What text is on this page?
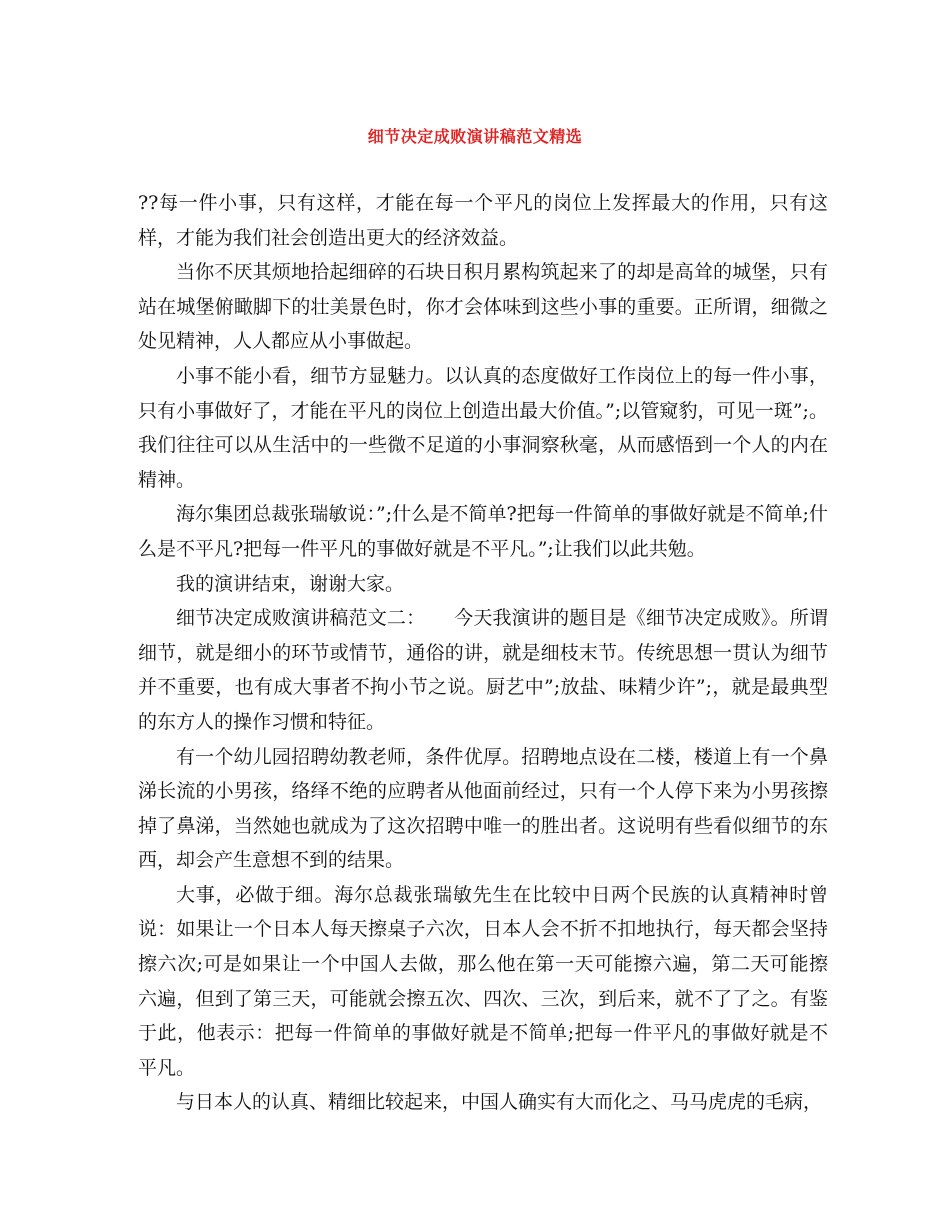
细节决定成败演讲稿范文精选

??每一件小事，只有这样，才能在每一个平凡的岗位上发挥最大的作用，只有这样，才能为我们社会创造出更大的经济效益。

当你不厌其烦地拾起细碎的石块日积月累构筑起来了的却是高耸的城堡，只有站在城堡俯瞰脚下的壮美景色时，你才会体味到这些小事的重要。正所谓，细微之处见精神，人人都应从小事做起。

小事不能小看，细节方显魅力。以认真的态度做好工作岗位上的每一件小事，只有小事做好了，才能在平凡的岗位上创造出最大价值。”;以管窥豹，可见一斑”;。我们往往可以从生活中的一些微不足道的小事洞察秋毫，从而感悟到一个人的内在精神。

海尔集团总裁张瑞敏说：”;什么是不简单?把每一件简单的事做好就是不简单;什么是不平凡?把每一件平凡的事做好就是不平凡。”;让我们以此共勉。

我的演讲结束，谢谢大家。

细节决定成败演讲稿范文二：　　今天我演讲的题目是《细节决定成败》。所谓细节，就是细小的环节或情节，通俗的讲，就是细枝末节。传统思想一贯认为细节并不重要，也有成大事者不拘小节之说。厨艺中”;放盐、味精少许”;，就是最典型的东方人的操作习惯和特征。

有一个幼儿园招聘幼教老师，条件优厚。招聘地点设在二楼，楼道上有一个鼻涕长流的小男孩，络绎不绝的应聘者从他面前经过，只有一个人停下来为小男孩擦掉了鼻涕，当然她也就成为了这次招聘中唯一的胜出者。这说明有些看似细节的东西，却会产生意想不到的结果。

大事，必做于细。海尔总裁张瑞敏先生在比较中日两个民族的认真精神时曾说：如果让一个日本人每天擦桌子六次，日本人会不折不扣地执行，每天都会坚持擦六次;可是如果让一个中国人去做，那么他在第一天可能擦六遍，第二天可能擦六遍，但到了第三天，可能就会擦五次、四次、三次，到后来，就不了了之。有鉴于此，他表示：把每一件简单的事做好就是不简单;把每一件平凡的事做好就是不平凡。

与日本人的认真、精细比较起来，中国人确实有大而化之、马马虎虎的毛病，
